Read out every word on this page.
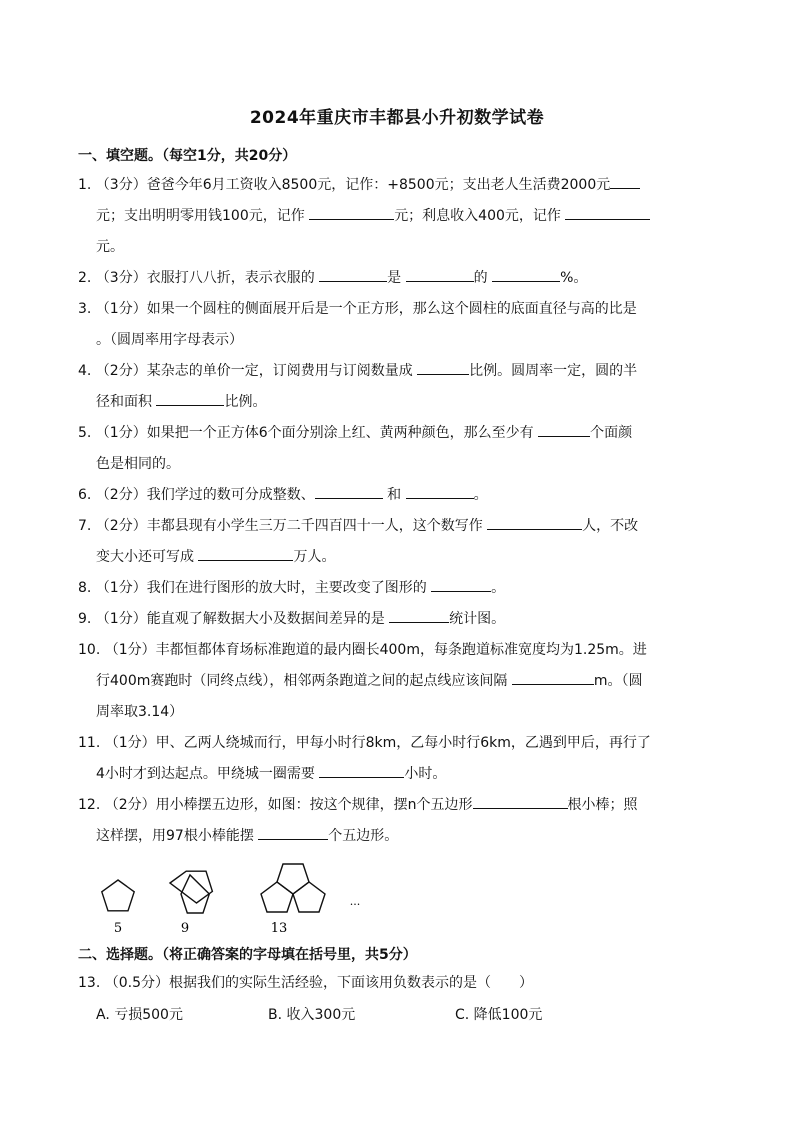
2024年重庆市丰都县小升初数学试卷
一、填空题。（每空1分，共20分）
1. （3分）爸爸今年6月工资收入8500元，记作：+8500元；支出老人生活费2000元
元；支出明明零用钱100元，记作	元；利息收入400元，记作
元。
2. （3分）衣服打八八折，表示衣服的	是	的	%。
3. （1分）如果一个圆柱的侧面展开后是一个正方形，那么这个圆柱的底面直径与高的比是
。（圆周率用字母表示）
4. （2分）某杂志的单价一定，订阅费用与订阅数量成	比例。圆周率一定，圆的半
径和面积	比例。
5. （1分）如果把一个正方体6个面分别涂上红、黄两种颜色，那么至少有	个面颜
色是相同的。
6. （2分）我们学过的数可分成整数、	和	。
7. （2分）丰都县现有小学生三万二千四百四十一人，这个数写作	人，不改
变大小还可写成	万人。
8. （1分）我们在进行图形的放大时，主要改变了图形的	。
9. （1分）能直观了解数据大小及数据间差异的是	统计图。
10. （1分）丰都恒都体育场标准跑道的最内圈长400m，每条跑道标准宽度均为1.25m。进
行400m赛跑时（同终点线），相邻两条跑道之间的起点线应该间隔	m。（圆
周率取3.14）
11. （1分）甲、乙两人绕城而行，甲每小时行8km，乙每小时行6km，乙遇到甲后，再行了
4小时才到达起点。甲绕城一圈需要	小时。
12. （2分）用小棒摆五边形，如图：按这个规律，摆n个五边形	根小棒；照
这样摆，用97根小棒能摆	个五边形。
5	9	13
...
二、选择题。（将正确答案的字母填在括号里，共5分）
13. （0.5分）根据我们的实际生活经验，下面该用负数表示的是（　　）
A. 亏损500元	B. 收入300元	C. 降低100元
